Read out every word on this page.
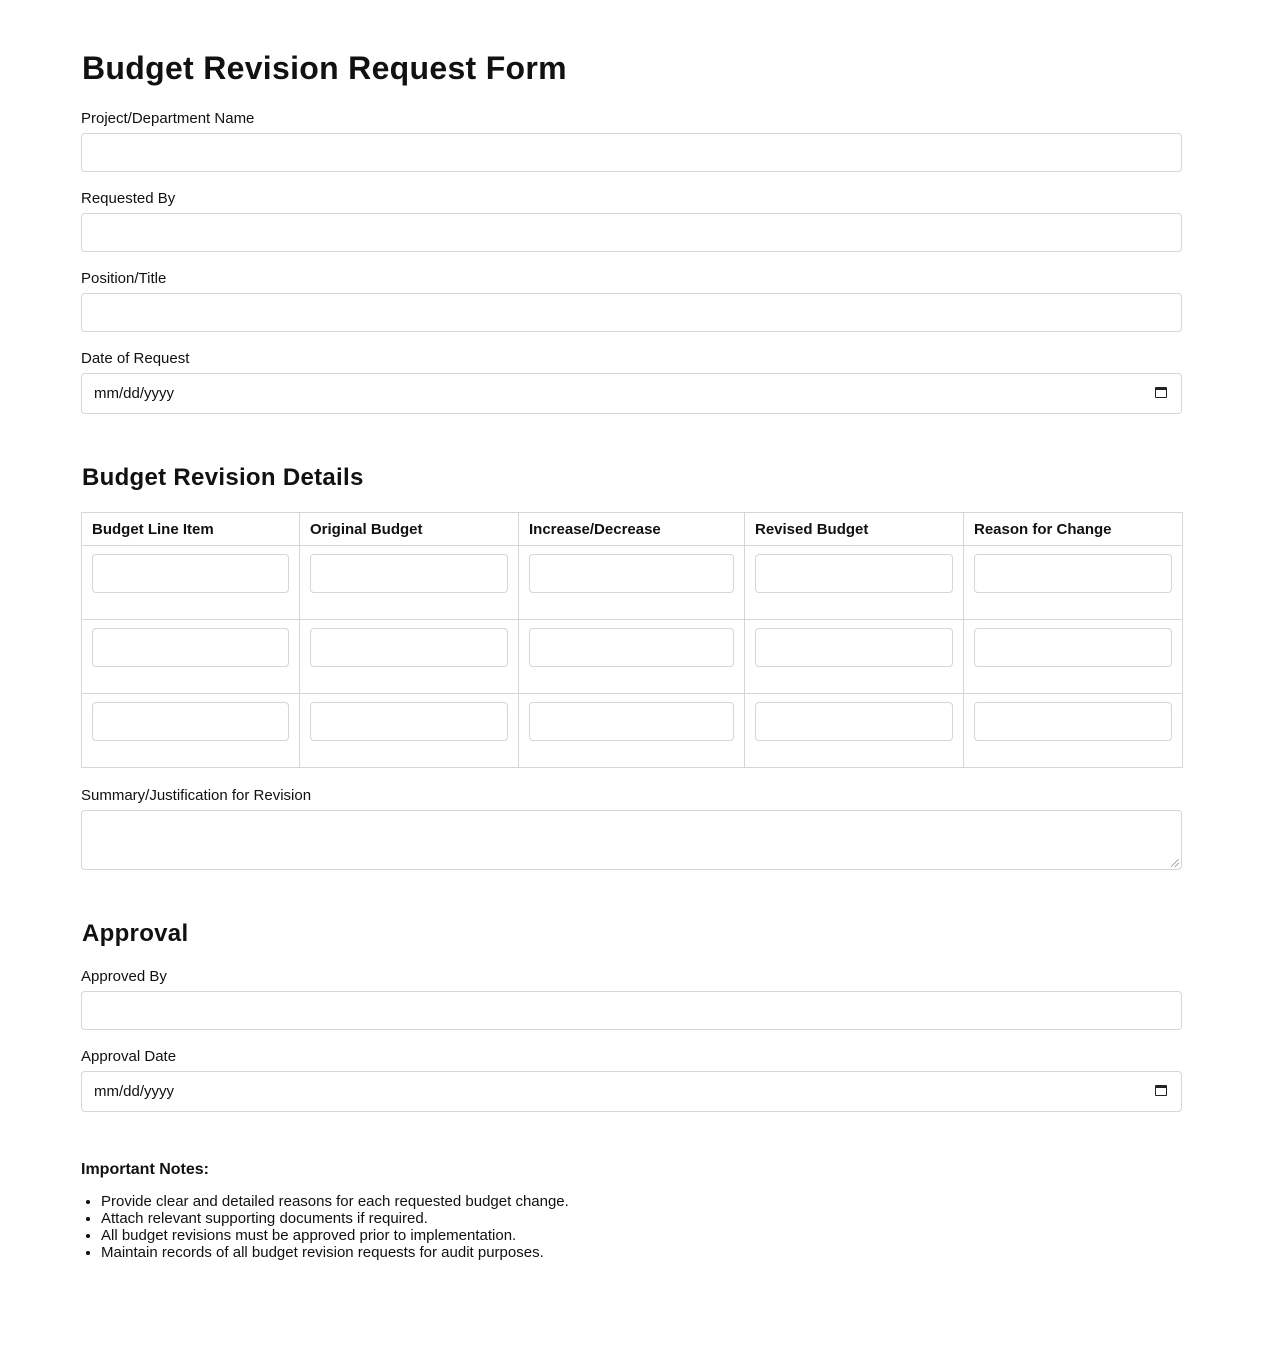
Budget Revision Request Form
Project/Department Name
Requested By
Position/Title
Date of Request
mm/dd/yyyy
Budget Revision Details
Budget Line Item	Original Budget	Increase/Decrease	Revised Budget	Reason for Change

Summary/Justification for Revision
Approval
Approved By
Approval Date
mm/dd/yyyy
Important Notes:
• Provide clear and detailed reasons for each requested budget change.
• Attach relevant supporting documents if required.
• All budget revisions must be approved prior to implementation.
• Maintain records of all budget revision requests for audit purposes.
